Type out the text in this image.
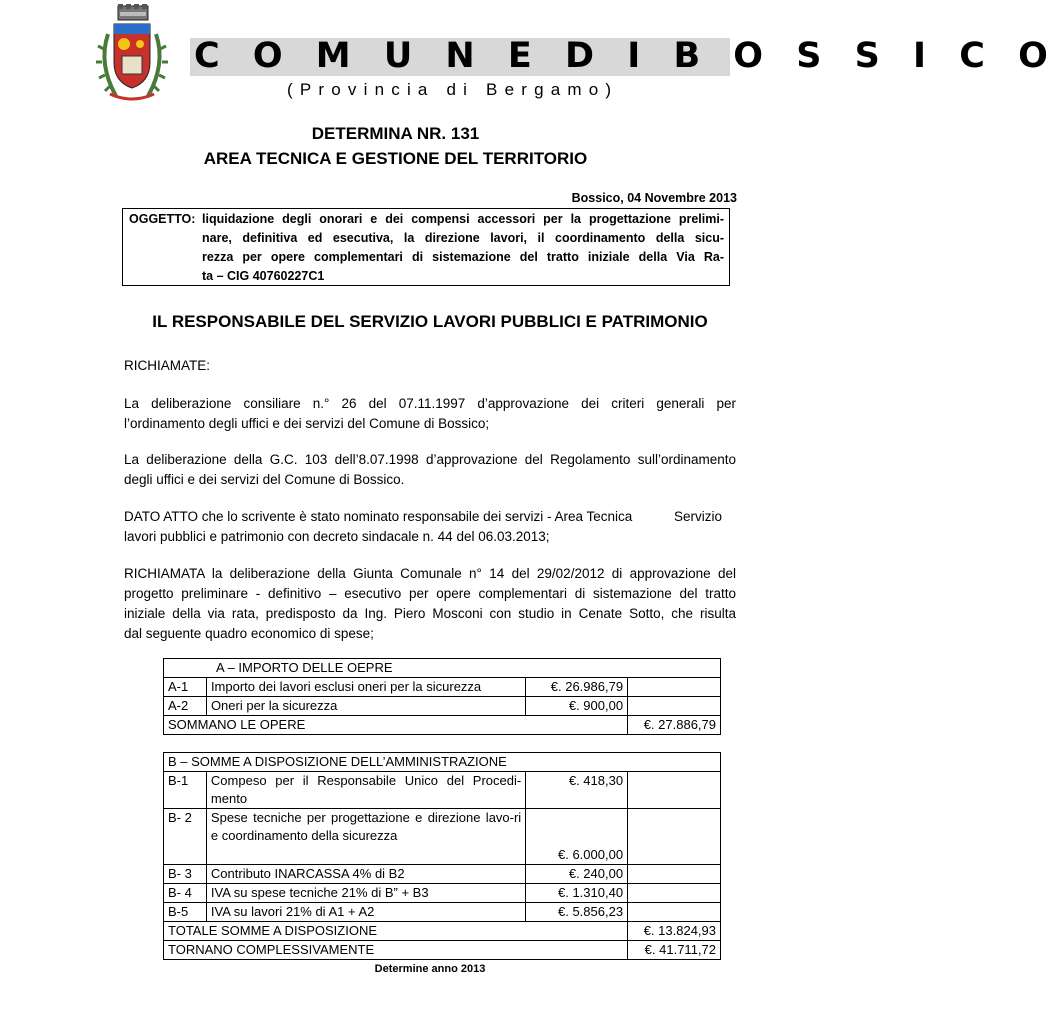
C O M U N E D I B O S S I C O
(Provincia di Bergamo)
DETERMINA NR. 131
AREA TECNICA E GESTIONE DEL TERRITORIO
Bossico, 04 Novembre 2013
OGGETTO: liquidazione degli onorari e dei compensi accessori per la progettazione prelimi-
nare, definitiva ed esecutiva, la direzione lavori, il coordinamento della sicu-
rezza per opere complementari di sistemazione del tratto iniziale della Via Ra-
ta – CIG 40760227C1
IL RESPONSABILE DEL SERVIZIO LAVORI PUBBLICI E PATRIMONIO
RICHIAMATE:
La deliberazione consiliare n.° 26 del 07.11.1997 d’approvazione dei criteri generali per
l’ordinamento degli uffici e dei servizi del Comune di Bossico;
La deliberazione della G.C. 103 dell’8.07.1998 d’approvazione del Regolamento sull’ordinamento
degli uffici e dei servizi del Comune di Bossico.
DATO ATTO che lo scrivente è stato nominato responsabile dei servizi - Area Tecnica	Servizio
lavori pubblici e patrimonio con decreto sindacale n. 44 del 06.03.2013;
RICHIAMATA la deliberazione della Giunta Comunale n° 14 del 29/02/2012 di approvazione del
progetto preliminare - definitivo – esecutivo per opere complementari di sistemazione del tratto
iniziale della via rata, predisposto da Ing. Piero Mosconi con studio in Cenate Sotto, che risulta
dal seguente quadro economico di spese;
A – IMPORTO DELLE OEPRE			
A-1	Importo dei lavori esclusi oneri per la sicurezza	€. 26.986,79	
A-2	Oneri per la sicurezza	€. 900,00	
SOMMANO LE OPERE			€. 27.886,79
B – SOMME A DISPOSIZIONE DELL’AMMINISTRAZIONE			
B-1	Compeso per il Responsabile Unico del Procedi-mento	€. 418,30	
B- 2	Spese tecniche per progettazione e direzione lavo-ri e coordinamento della sicurezza	€. 6.000,00	
B- 3	Contributo INARCASSA 4% di B2	€. 240,00	
B- 4	IVA su spese tecniche 21% di B” + B3	€. 1.310,40	
B-5	IVA su lavori 21% di A1 + A2	€. 5.856,23	
TOTALE SOMME A DISPOSIZIONE			€. 13.824,93
TORNANO COMPLESSIVAMENTE			€. 41.711,72
Determine anno 2013
